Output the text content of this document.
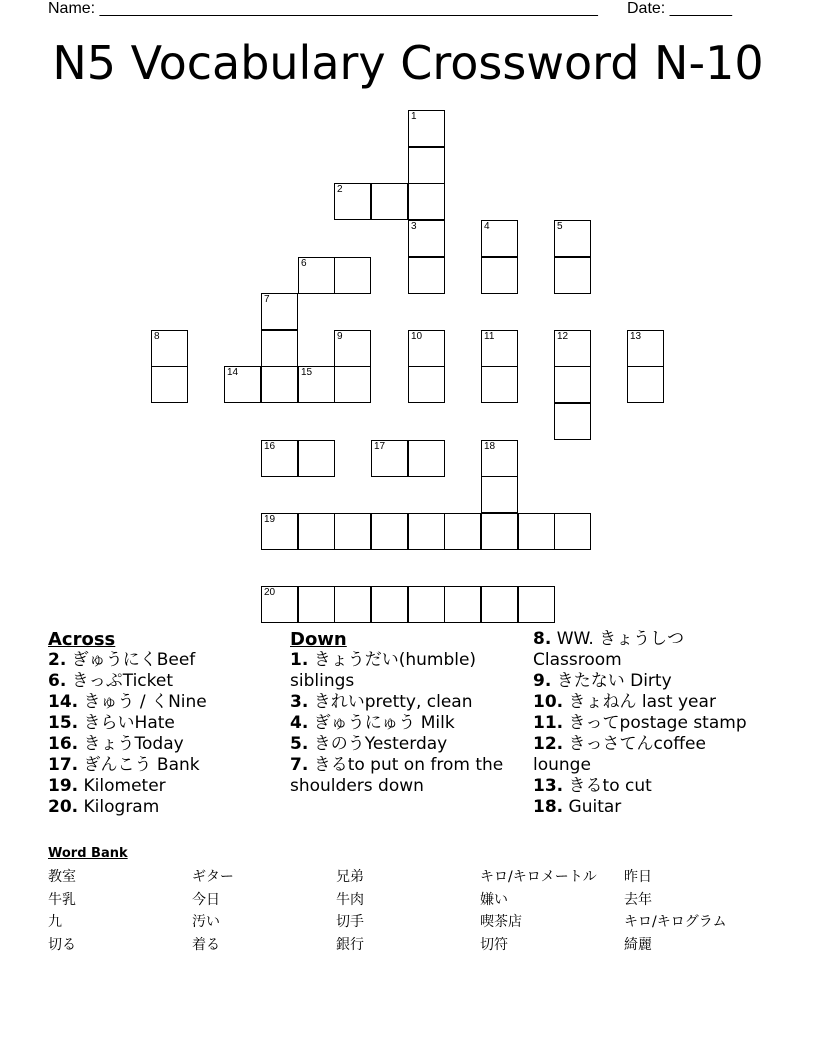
Name: ________________________________________________________ Date: _______
N5 Vocabulary Crossword N-10
1
2
3	4	5
6
7
8	9	10	11	12	13
14	15
16	17	18
19
20
Across

2. ぎゅうにくBeef

6. きっぷTicket

14. きゅう / くNine

15. きらいHate

16. きょうToday

17. ぎんこう Bank

19. Kilometer

20. Kilogram

Down

1. きょうだい(humble) siblings

3. きれいpretty, clean

4. ぎゅうにゅう Milk

5. きのうYesterday

7. きるto put on from the shoulders down

8. WW. きょうしつClassroom

9. きたない Dirty

10. きょねん last year

11. きってpostage stamp

12. きっさてんcoffee lounge

13. きるto cut

18. Guitar

Word Bank
教室	ギター	兄弟	キロ/キロメートル	昨日
牛乳	今日	牛肉	嫌い	去年
九	汚い	切手	喫茶店	キロ/キログラム
切る	着る	銀行	切符	綺麗
